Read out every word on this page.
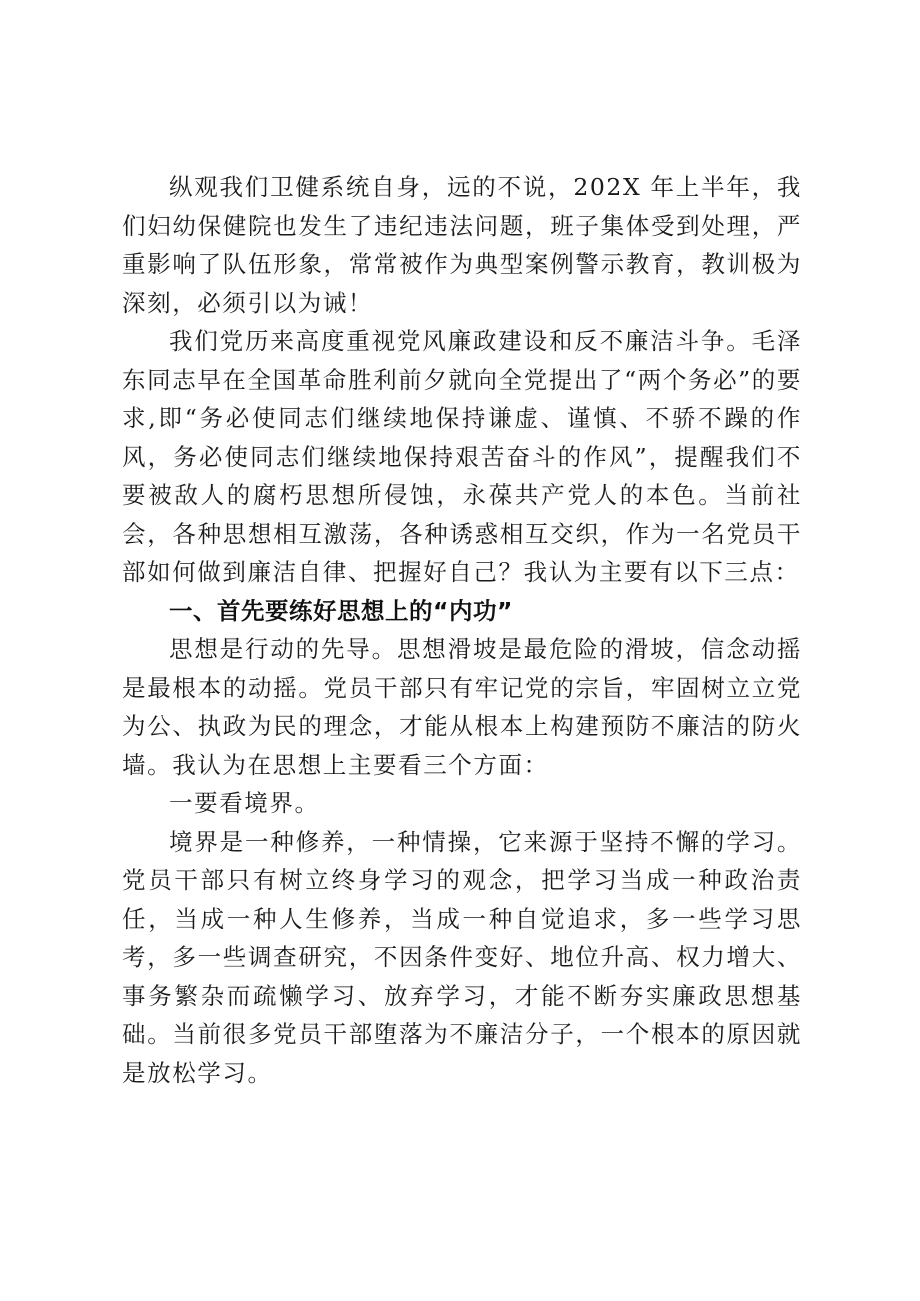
纵观我们卫健系统自身，远的不说，202X 年上半年，我们妇幼保健院也发生了违纪违法问题，班子集体受到处理，严重影响了队伍形象，常常被作为典型案例警示教育，教训极为深刻，必须引以为诫！

我们党历来高度重视党风廉政建设和反不廉洁斗争。毛泽东同志早在全国革命胜利前夕就向全党提出了“两个务必”的要求,即“务必使同志们继续地保持谦虚、谨慎、不骄不躁的作风，务必使同志们继续地保持艰苦奋斗的作风”，提醒我们不要被敌人的腐朽思想所侵蚀，永葆共产党人的本色。当前社会，各种思想相互激荡，各种诱惑相互交织，作为一名党员干部如何做到廉洁自律、把握好自己？我认为主要有以下三点：

一、首先要练好思想上的“内功”

思想是行动的先导。思想滑坡是最危险的滑坡，信念动摇是最根本的动摇。党员干部只有牢记党的宗旨，牢固树立立党为公、执政为民的理念，才能从根本上构建预防不廉洁的防火墙。我认为在思想上主要看三个方面：

一要看境界。

境界是一种修养，一种情操，它来源于坚持不懈的学习。党员干部只有树立终身学习的观念，把学习当成一种政治责任，当成一种人生修养，当成一种自觉追求，多一些学习思考，多一些调查研究，不因条件变好、地位升高、权力增大、事务繁杂而疏懒学习、放弃学习，才能不断夯实廉政思想基础。当前很多党员干部堕落为不廉洁分子，一个根本的原因就是放松学习。
